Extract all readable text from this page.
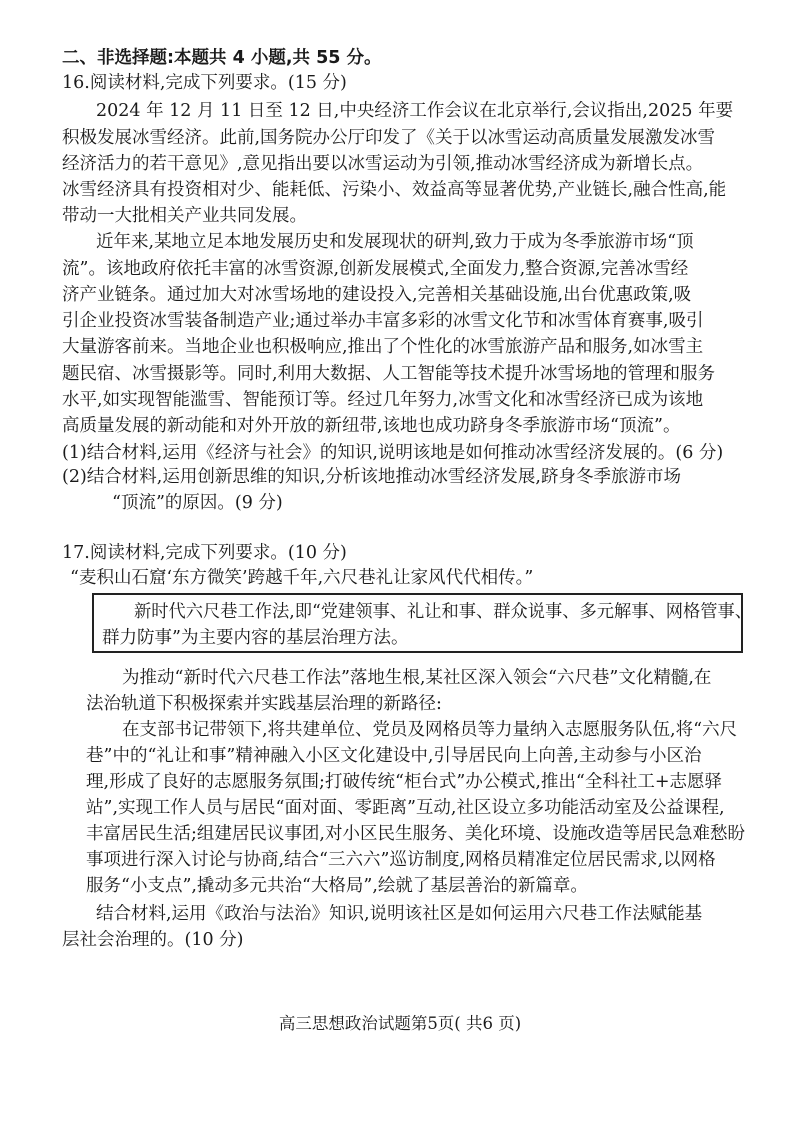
二、非选择题:本题共 4 小题,共 55 分。
16.阅读材料,完成下列要求。(15 分)
2024 年 12 月 11 日至 12 日,中央经济工作会议在北京举行,会议指出,2025 年要
积极发展冰雪经济。此前,国务院办公厅印发了《关于以冰雪运动高质量发展激发冰雪
经济活力的若干意见》,意见指出要以冰雪运动为引领,推动冰雪经济成为新增长点。
冰雪经济具有投资相对少、能耗低、污染小、效益高等显著优势,产业链长,融合性高,能
带动一大批相关产业共同发展。
近年来,某地立足本地发展历史和发展现状的研判,致力于成为冬季旅游市场“顶
流”。该地政府依托丰富的冰雪资源,创新发展模式,全面发力,整合资源,完善冰雪经
济产业链条。通过加大对冰雪场地的建设投入,完善相关基础设施,出台优惠政策,吸
引企业投资冰雪装备制造产业;通过举办丰富多彩的冰雪文化节和冰雪体育赛事,吸引
大量游客前来。当地企业也积极响应,推出了个性化的冰雪旅游产品和服务,如冰雪主
题民宿、冰雪摄影等。同时,利用大数据、人工智能等技术提升冰雪场地的管理和服务
水平,如实现智能滥雪、智能预订等。经过几年努力,冰雪文化和冰雪经济已成为该地
高质量发展的新动能和对外开放的新纽带,该地也成功跻身冬季旅游市场“顶流”。
(1)结合材料,运用《经济与社会》的知识,说明该地是如何推动冰雪经济发展的。(6 分)
(2)结合材料,运用创新思维的知识,分析该地推动冰雪经济发展,跻身冬季旅游市场
“顶流”的原因。(9 分)
17.阅读材料,完成下列要求。(10 分)
“麦积山石窟‘东方微笑’跨越千年,六尺巷礼让家风代代相传。”
新时代六尺巷工作法,即“党建领事、礼让和事、群众说事、多元解事、网格管事、
群力防事”为主要内容的基层治理方法。
为推动“新时代六尺巷工作法”落地生根,某社区深入领会“六尺巷”文化精髓,在
法治轨道下积极探索并实践基层治理的新路径:
在支部书记带领下,将共建单位、党员及网格员等力量纳入志愿服务队伍,将“六尺
巷”中的“礼让和事”精神融入小区文化建设中,引导居民向上向善,主动参与小区治
理,形成了良好的志愿服务氛围;打破传统“柜台式”办公模式,推出“全科社工+志愿驿
站”,实现工作人员与居民“面对面、零距离”互动,社区设立多功能活动室及公益课程,
丰富居民生活;组建居民议事团,对小区民生服务、美化环境、设施改造等居民急难愁盼
事项进行深入讨论与协商,结合“三六六”巡访制度,网格员精准定位居民需求,以网格
服务“小支点”,撬动多元共治“大格局”,绘就了基层善治的新篇章。
结合材料,运用《政治与法治》知识,说明该社区是如何运用六尺巷工作法赋能基
层社会治理的。(10 分)
高三思想政治试题第5页( 共6 页)
